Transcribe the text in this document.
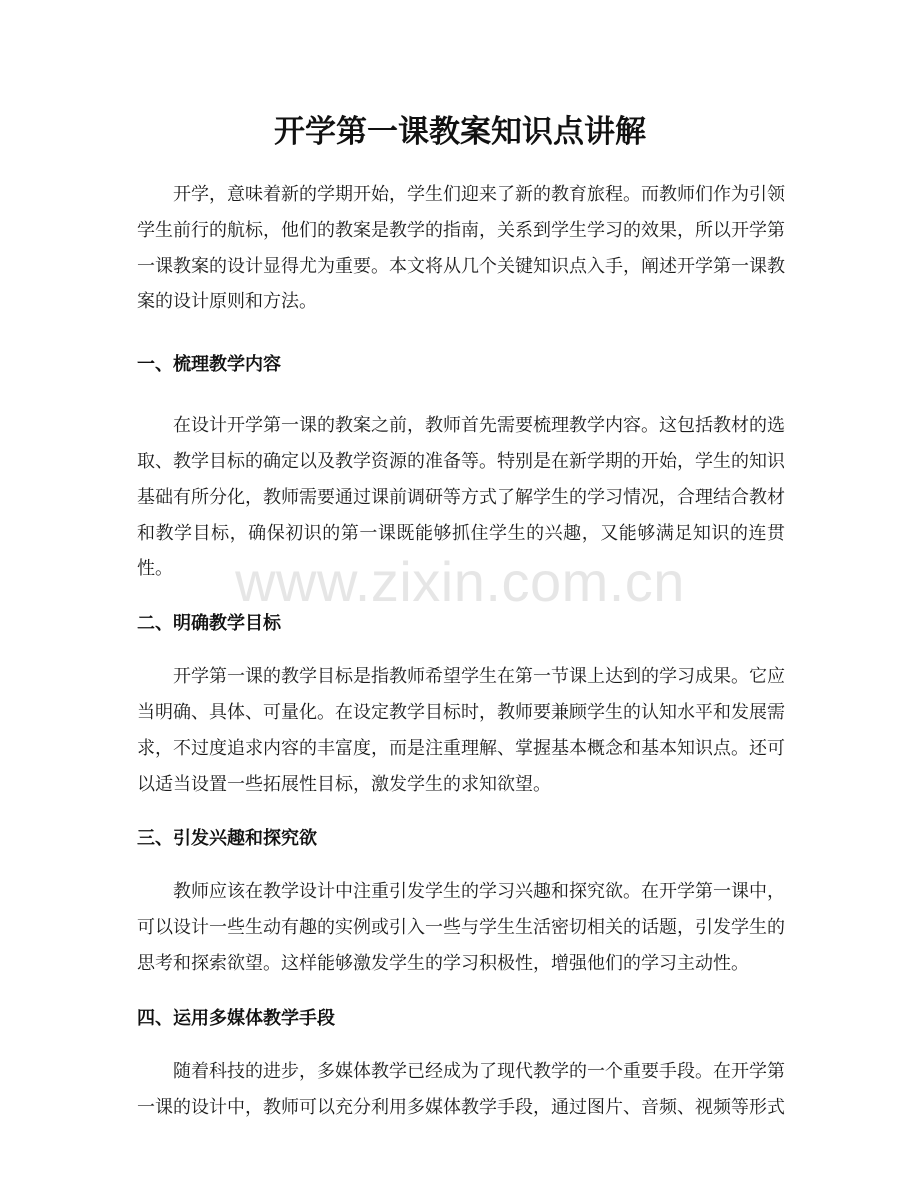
开学第一课教案知识点讲解

开学，意味着新的学期开始，学生们迎来了新的教育旅程。而教师们作为引领学生前行的航标，他们的教案是教学的指南，关系到学生学习的效果，所以开学第一课教案的设计显得尤为重要。本文将从几个关键知识点入手，阐述开学第一课教案的设计原则和方法。

一、梳理教学内容

在设计开学第一课的教案之前，教师首先需要梳理教学内容。这包括教材的选取、教学目标的确定以及教学资源的准备等。特别是在新学期的开始，学生的知识基础有所分化，教师需要通过课前调研等方式了解学生的学习情况，合理结合教材和教学目标，确保初识的第一课既能够抓住学生的兴趣，又能够满足知识的连贯性。

二、明确教学目标

开学第一课的教学目标是指教师希望学生在第一节课上达到的学习成果。它应当明确、具体、可量化。在设定教学目标时，教师要兼顾学生的认知水平和发展需求，不过度追求内容的丰富度，而是注重理解、掌握基本概念和基本知识点。还可以适当设置一些拓展性目标，激发学生的求知欲望。

三、引发兴趣和探究欲

教师应该在教学设计中注重引发学生的学习兴趣和探究欲。在开学第一课中，可以设计一些生动有趣的实例或引入一些与学生生活密切相关的话题，引发学生的思考和探索欲望。这样能够激发学生的学习积极性，增强他们的学习主动性。

四、运用多媒体教学手段

随着科技的进步，多媒体教学已经成为了现代教学的一个重要手段。在开学第一课的设计中，教师可以充分利用多媒体教学手段，通过图片、音频、视频等形式

www.zixin.com.cn
